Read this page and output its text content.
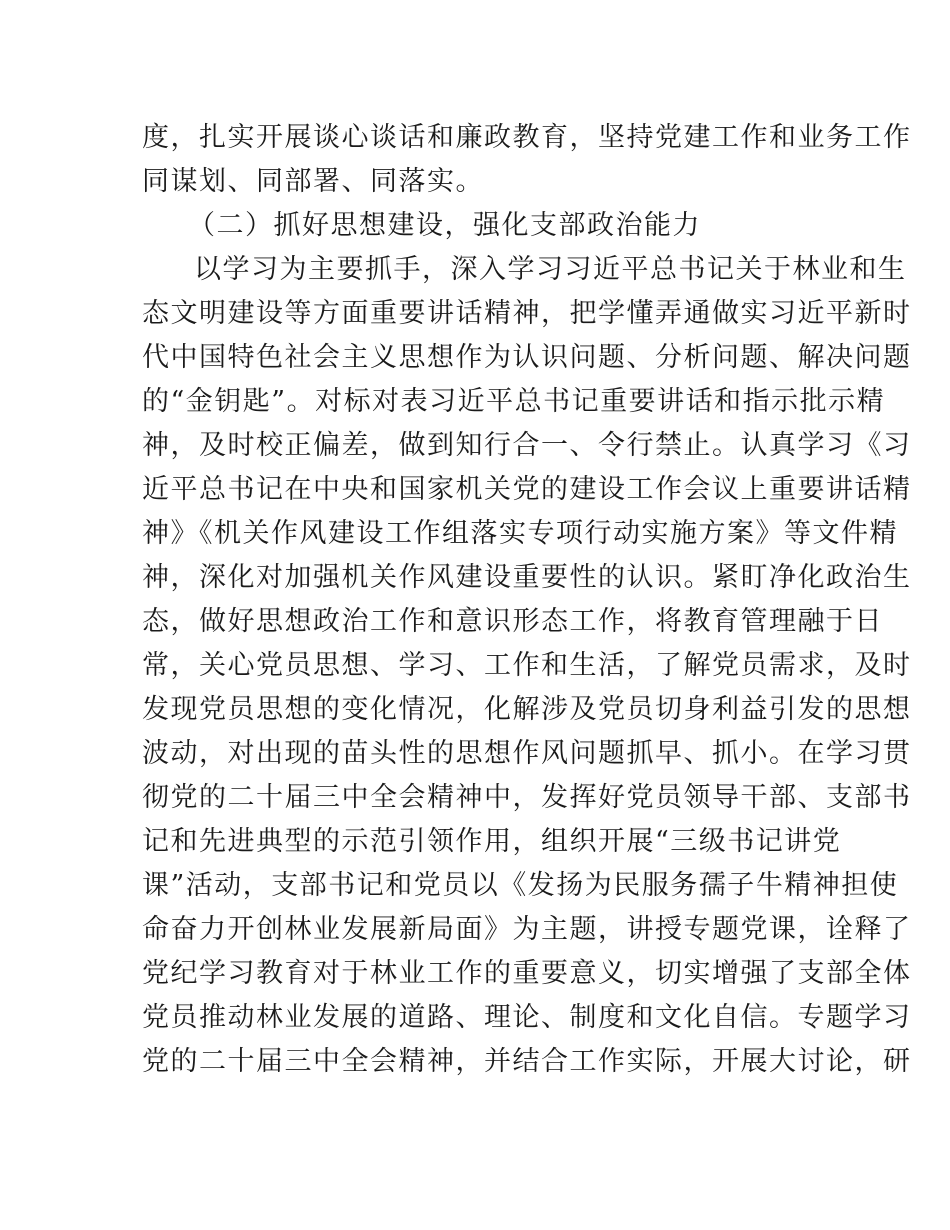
度，扎实开展谈心谈话和廉政教育，坚持党建工作和业务工作
同谋划、同部署、同落实。
（二）抓好思想建设，强化支部政治能力
以学习为主要抓手，深入学习习近平总书记关于林业和生
态文明建设等方面重要讲话精神，把学懂弄通做实习近平新时
代中国特色社会主义思想作为认识问题、分析问题、解决问题
的“金钥匙”。对标对表习近平总书记重要讲话和指示批示精
神，及时校正偏差，做到知行合一、令行禁止。认真学习《习
近平总书记在中央和国家机关党的建设工作会议上重要讲话精
神》《机关作风建设工作组落实专项行动实施方案》等文件精
神，深化对加强机关作风建设重要性的认识。紧盯净化政治生
态，做好思想政治工作和意识形态工作，将教育管理融于日
常，关心党员思想、学习、工作和生活，了解党员需求，及时
发现党员思想的变化情况，化解涉及党员切身利益引发的思想
波动，对出现的苗头性的思想作风问题抓早、抓小。在学习贯
彻党的二十届三中全会精神中，发挥好党员领导干部、支部书
记和先进典型的示范引领作用，组织开展“三级书记讲党
课”活动，支部书记和党员以《发扬为民服务孺子牛精神担使
命奋力开创林业发展新局面》为主题，讲授专题党课，诠释了
党纪学习教育对于林业工作的重要意义，切实增强了支部全体
党员推动林业发展的道路、理论、制度和文化自信。专题学习
党的二十届三中全会精神，并结合工作实际，开展大讨论，研
